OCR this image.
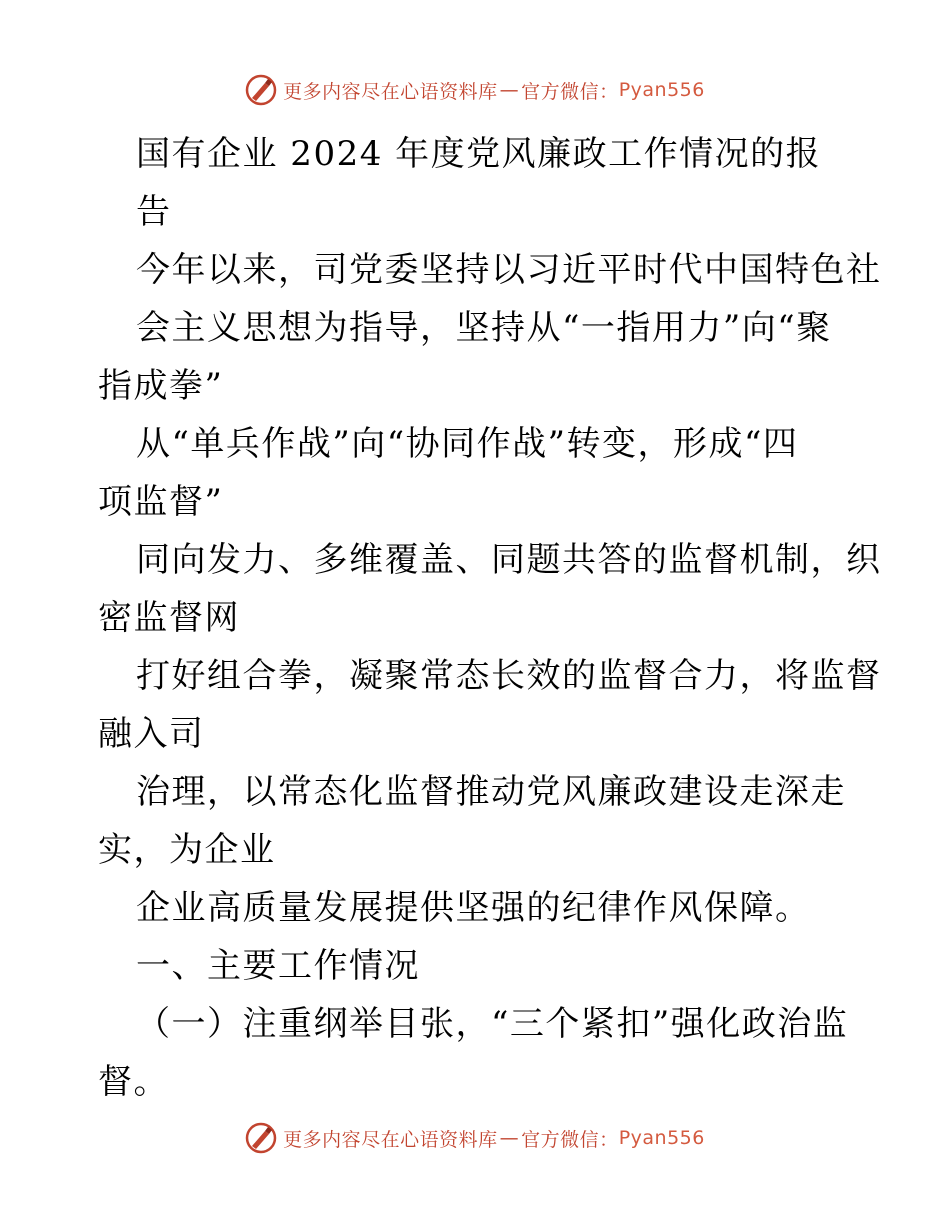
更多内容尽在心语资料库 — 官方微信： Pyan556
国有企业 2024 年度党风廉政工作情况的报
告
今年以来，司党委坚持以习近平时代中国特色社
会主义思想为指导，坚持从“一指用力”向“聚
指成拳”
从“单兵作战”向“协同作战”转变，形成“四
项监督”
同向发力、多维覆盖、同题共答的监督机制，织
密监督网
打好组合拳，凝聚常态长效的监督合力，将监督
融入司
治理，以常态化监督推动党风廉政建设走深走
实，为企业
企业高质量发展提供坚强的纪律作风保障。
一、主要工作情况
（一）注重纲举目张，“三个紧扣”强化政治监
督。
更多内容尽在心语资料库 — 官方微信： Pyan556
